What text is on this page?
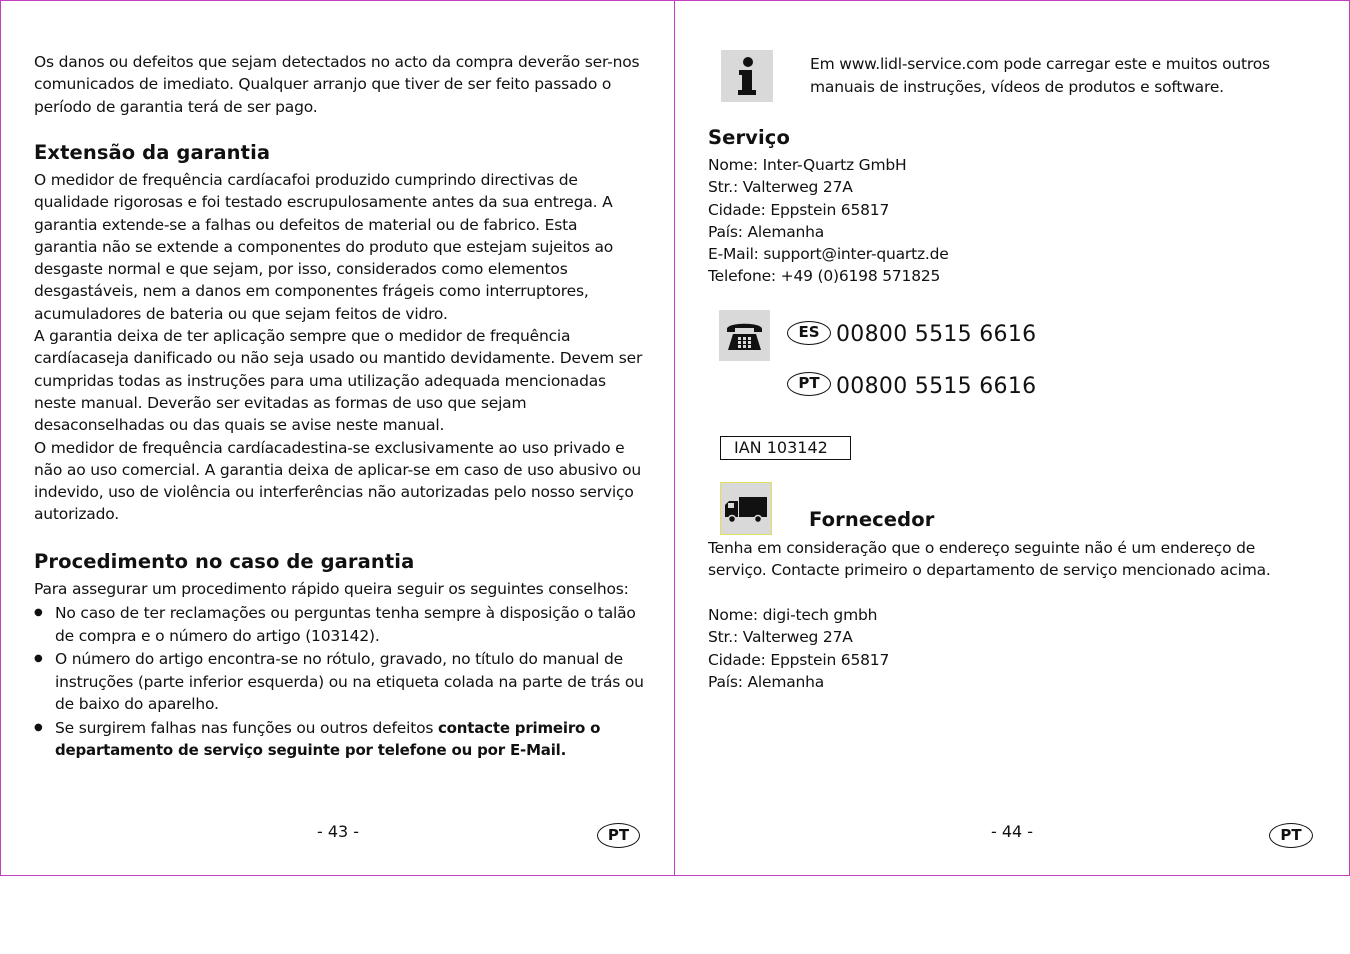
Os danos ou defeitos que sejam detectados no acto da compra deverão ser-nos comunicados de imediato. Qualquer arranjo que tiver de ser feito passado o período de garantia terá de ser pago.
Extensão da garantia
O medidor de frequência cardíacafoi produzido cumprindo directivas de qualidade rigorosas e foi testado escrupulosamente antes da sua entrega. A garantia extende-se a falhas ou defeitos de material ou de fabrico. Esta garantia não se extende a componentes do produto que estejam sujeitos ao desgaste normal e que sejam, por isso, considerados como elementos desgastáveis, nem a danos em componentes frágeis como interruptores, acumuladores de bateria ou que sejam feitos de vidro.
A garantia deixa de ter aplicação sempre que o medidor de frequência cardíacaseja danificado ou não seja usado ou mantido devidamente. Devem ser cumpridas todas as instruções para uma utilização adequada mencionadas neste manual. Deverão ser evitadas as formas de uso que sejam desaconselhadas ou das quais se avise neste manual.
O medidor de frequência cardíacadestina-se exclusivamente ao uso privado e não ao uso comercial. A garantia deixa de aplicar-se em caso de uso abusivo ou indevido, uso de violência ou interferências não autorizadas pelo nosso serviço autorizado.
Procedimento no caso de garantia
Para assegurar um procedimento rápido queira seguir os seguintes conselhos:
● No caso de ter reclamações ou perguntas tenha sempre à disposição o talão de compra e o número do artigo (103142).
● O número do artigo encontra-se no rótulo, gravado, no título do manual de instruções (parte inferior esquerda) ou na etiqueta colada na parte de trás ou de baixo do aparelho.
● Se surgirem falhas nas funções ou outros defeitos contacte primeiro o departamento de serviço seguinte por telefone ou por E-Mail.
- 43 -	PT
Em www.lidl-service.com pode carregar este e muitos outros manuais de instruções, vídeos de produtos e software.
Serviço
Nome: Inter-Quartz GmbH
Str.: Valterweg 27A
Cidade: Eppstein 65817
País: Alemanha
E-Mail: support@inter-quartz.de
Telefone: +49 (0)6198 571825
ES 00800 5515 6616
PT 00800 5515 6616
IAN 103142
Fornecedor
Tenha em consideração que o endereço seguinte não é um endereço de serviço. Contacte primeiro o departamento de serviço mencionado acima.
Nome: digi-tech gmbh
Str.: Valterweg 27A
Cidade: Eppstein 65817
País: Alemanha
- 44 -	PT
